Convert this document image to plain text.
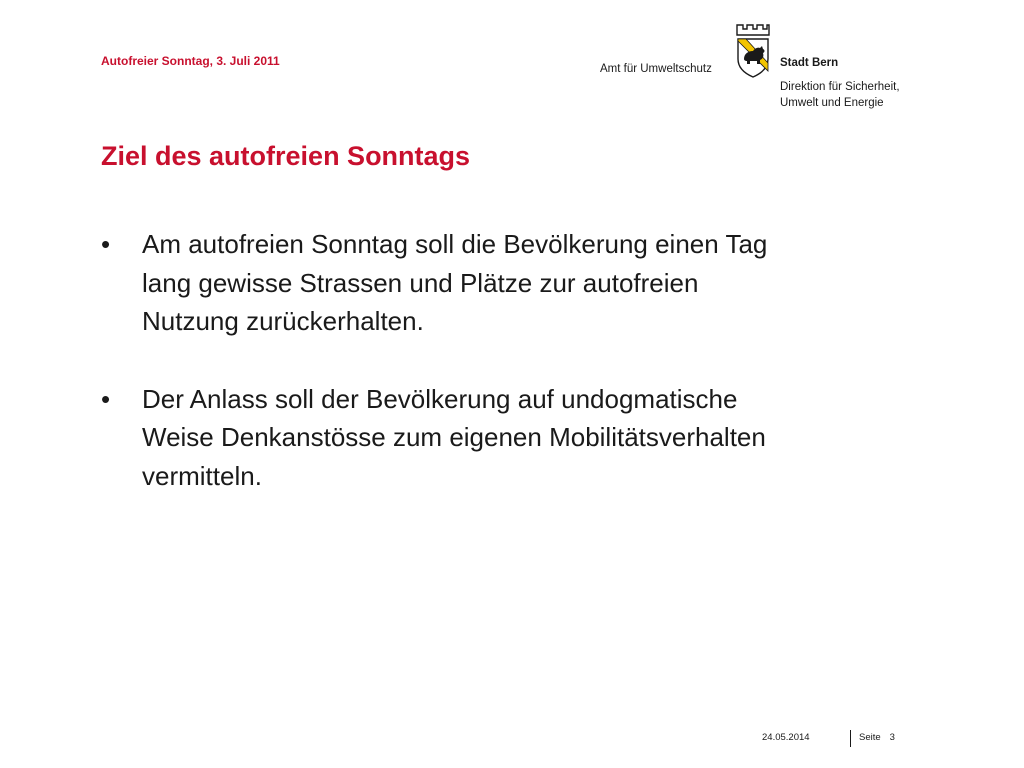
Autofreier Sonntag, 3. Juli 2011
Amt für Umweltschutz	Stadt Bern
Direktion für Sicherheit,
Umwelt und Energie
Ziel des autofreien Sonntags
• Am autofreien Sonntag soll die Bevölkerung einen Tag
lang gewisse Strassen und Plätze zur autofreien
Nutzung zurückerhalten.
• Der Anlass soll der Bevölkerung auf undogmatische
Weise Denkanstösse zum eigenen Mobilitätsverhalten
vermitteln.
24.05.2014	Seite 3
